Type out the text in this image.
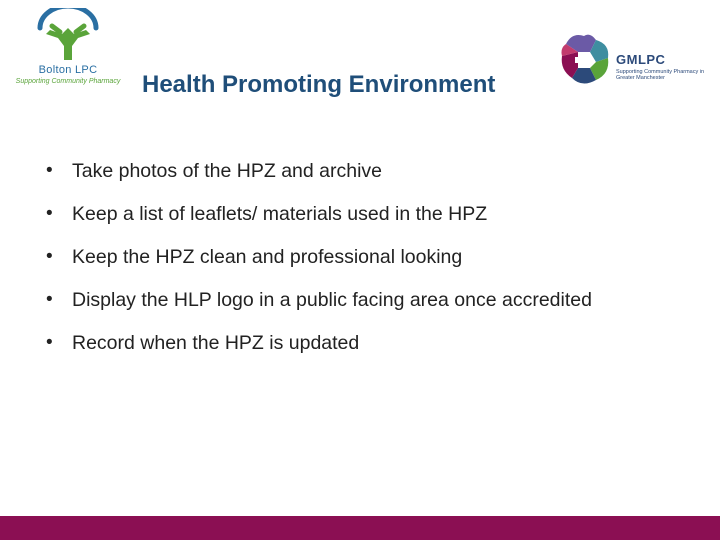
Bolton LPC
Supporting Community Pharmacy Health Promoting Environment
GMLPC
Supporting Community Pharmacy in Greater Manchester
• Take photos of the HPZ and archive
• Keep a list of leaflets/ materials used in the HPZ
• Keep the HPZ clean and professional looking
• Display the HLP logo in a public facing area once accredited
• Record when the HPZ is updated
